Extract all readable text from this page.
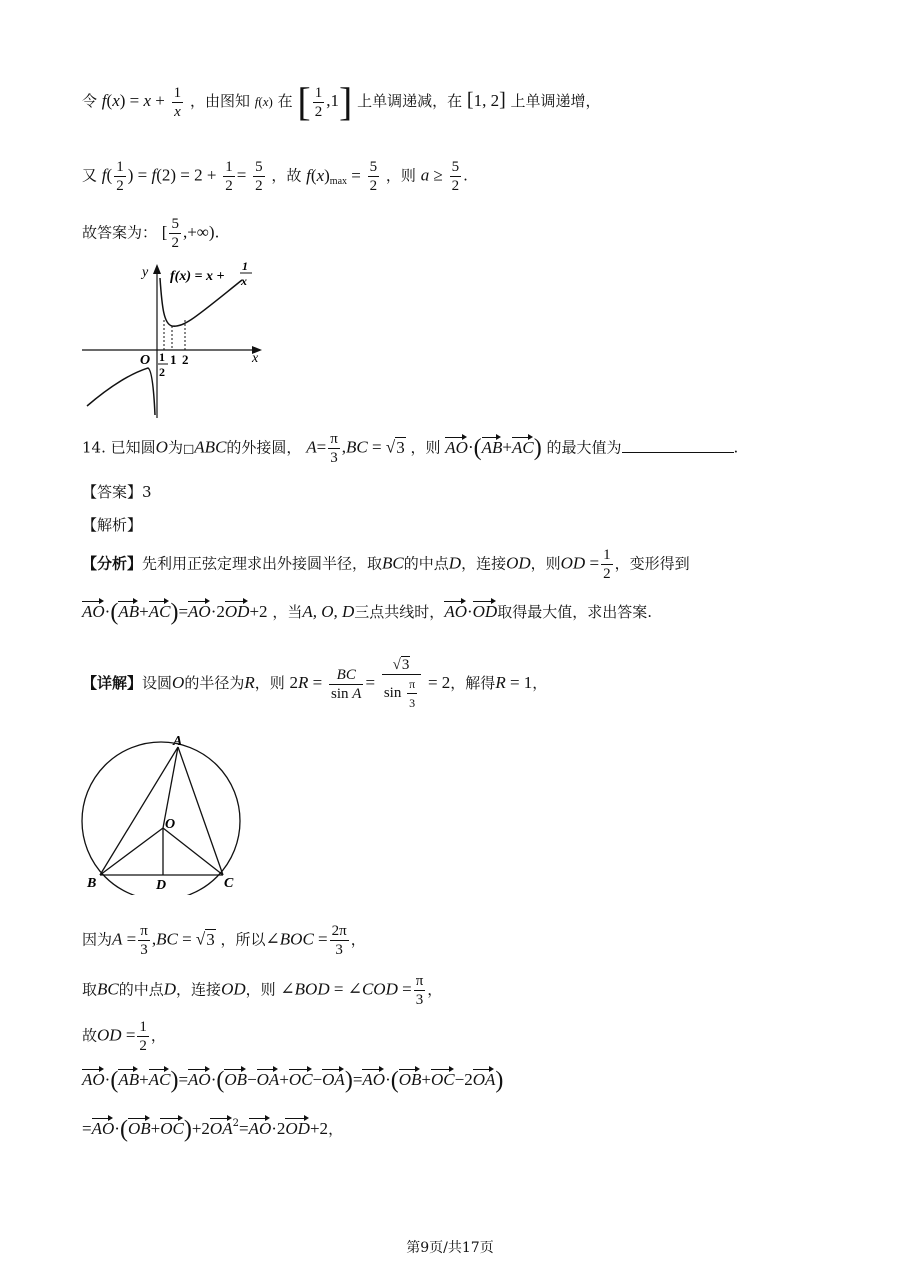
令 $f(x) = x + \frac{1}{x}$ ，由图知 f(x) 在 [ $\frac{1}{2} ,1$] 上单调递减，在 [1, 2] 上单调递增，
又 $f( \frac{1}{2}$ ) = $f(2) = 2 + \frac{1}{2} = \frac{5}{2}$ ，故 $f(x)_{max} = \frac{5}{2}$ ，则 $a \ge \frac{5}{2}$ .
故答案为： [ $\frac{5}{2}$ ,+∞).
y
x
O
f(x) = x +
1
x
1
2
1 2
14. 已知圆O为□ABC的外接圆， $A= \frac{\pi}{3} ,BC = √3$ ，则 AO·(AB+AC) 的最大值为	.
【答案】3
【解析】
【分析】先利用正弦定理求出外接圆半径，取BC的中点D，连接OD，则OD = $\frac{1}{2}$ ，变形得到
AO·(AB+AC)=AO·2OD+2 ，当A, O, D三点共线时，AO·OD取得最大值，求出答案.
【详解】设圆O的半径为R，则 $2R = \frac{BC}{\text{sin A}} = \frac{√3}{\sin \frac{\pi}{3}} = 2$，解得R = 1，
A
O
B	D	C
因为$A = \frac{\pi}{3} ,BC = √3$ ，所以∠BOC = $\frac{2\pi}{3}$ ，
取BC的中点D，连接OD，则 ∠BOD = ∠COD = $\frac{\pi}{3}$ ，
故OD = $\frac{1}{2}$ ，
AO·(AB+AC)=AO·(OB−OA+OC−OA)=AO·(OB+OC−2OA)
$=AO\cdot(OB+OC)+2OA^2=AO\cdot 2OD+2$，
第9页/共17页
